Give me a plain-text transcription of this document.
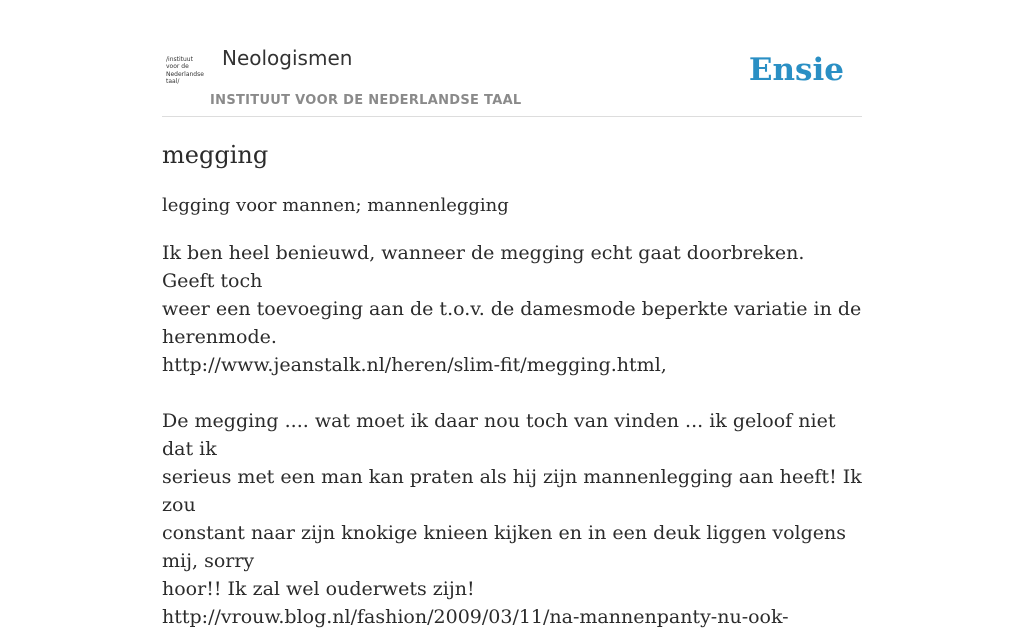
/instituut
voor de
Nederlandse
taal/
Neologismen
INSTITUUT VOOR DE NEDERLANDSE TAAL
Ensie
megging
legging voor mannen; mannenlegging

Ik ben heel benieuwd, wanneer de megging echt gaat doorbreken. Geeft toch

weer een toevoeging aan de t.o.v. de damesmode beperkte variatie in de

herenmode.

http://www.jeanstalk.nl/heren/slim-fit/megging.html,

De megging .... wat moet ik daar nou toch van vinden ... ik geloof niet dat ik

serieus met een man kan praten als hij zijn mannenlegging aan heeft! Ik zou

constant naar zijn knokige knieen kijken en in een deuk liggen volgens mij, sorry

hoor!! Ik zal wel ouderwets zijn!

http://vrouw.blog.nl/fashion/2009/03/11/na-mannenpanty-nu-ook-
